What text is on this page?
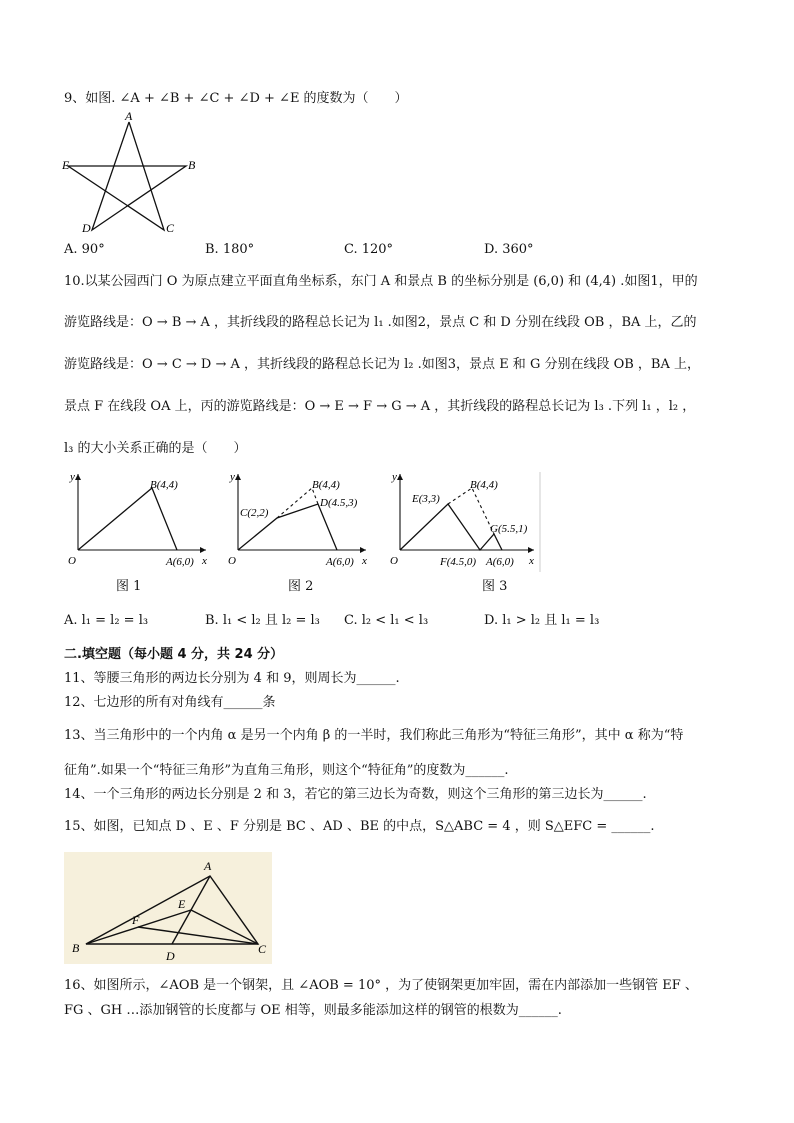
9、如图. ∠A + ∠B + ∠C + ∠D + ∠E 的度数为（　　）
A
B
C
D
E
A. 90°	B. 180°	C. 120°	D. 360°
10.以某公园西门 O 为原点建立平面直角坐标系，东门 A 和景点 B 的坐标分别是 (6,0) 和 (4,4) .如图1，甲的
游览路线是：O → B → A ，其折线段的路程总长记为 l₁ .如图2，景点 C 和 D 分别在线段 OB ，BA 上，乙的
游览路线是：O → C → D → A ，其折线段的路程总长记为 l₂ .如图3，景点 E 和 G 分别在线段 OB ，BA 上，
景点 F 在线段 OA 上，丙的游览路线是：O → E → F → G → A ，其折线段的路程总长记为 l₃ .下列 l₁ ，l₂ ，
l₃ 的大小关系正确的是（　　）
y
x
O
B(4,4)
A(6,0)
图 1
y
x
O
C(2,2)
B(4,4)
D(4.5,3)
A(6,0)
图 2
y
x
O
E(3,3)
B(4,4)
G(5.5,1)
F(4.5,0) A(6,0)
图 3
A. l₁ = l₂ = l₃	B. l₁ < l₂ 且 l₂ = l₃ C. l₂ < l₁ < l₃	D. l₁ > l₂ 且 l₁ = l₃
二.填空题（每小题 4 分，共 24 分）
11、等腰三角形的两边长分别为 4 和 9，则周长为______.
12、七边形的所有对角线有______条
13、当三角形中的一个内角 α 是另一个内角 β 的一半时，我们称此三角形为“特征三角形”，其中 α 称为“特
征角”.如果一个“特征三角形”为直角三角形，则这个“特征角”的度数为______.
14、一个三角形的两边长分别是 2 和 3，若它的第三边长为奇数，则这个三角形的第三边长为______.
15、如图，已知点 D 、E 、F 分别是 BC 、AD 、BE 的中点，S△ABC = 4 ，则 S△EFC = ______.
A
E
F
B
D	C
16、如图所示，∠AOB 是一个钢架，且 ∠AOB = 10° ，为了使钢架更加牢固，需在内部添加一些钢管 EF 、
FG 、GH …添加钢管的长度都与 OE 相等，则最多能添加这样的钢管的根数为______.
